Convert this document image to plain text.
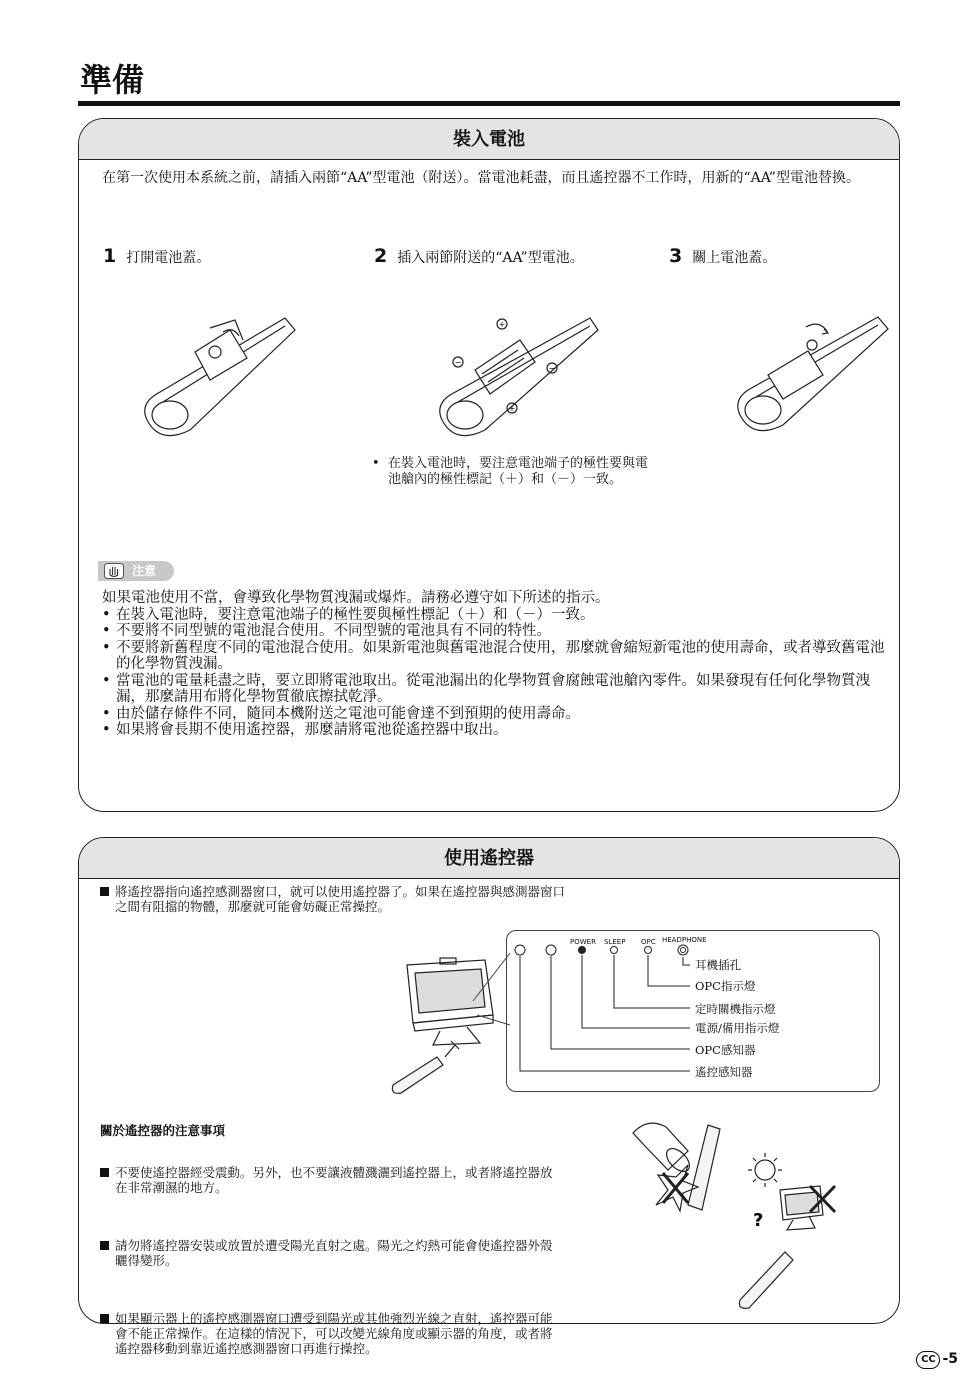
準備
裝入電池
在第一次使用本系統之前，請插入兩節“AA”型電池（附送）。當電池耗盡，而且遙控器不工作時，用新的“AA”型電池替換。
1 打開電池蓋。	2 插入兩節附送的“AA”型電池。	3 關上電池蓋。
+
−
−
+
• 在裝入電池時，要注意電池端子的極性要與電池艙內的極性標記（＋）和（－）一致。
注意
如果電池使用不當，會導致化學物質洩漏或爆炸。請務必遵守如下所述的指示。
• 在裝入電池時，要注意電池端子的極性要與極性標記（＋）和（－）一致。
• 不要將不同型號的電池混合使用。不同型號的電池具有不同的特性。
• 不要將新舊程度不同的電池混合使用。如果新電池與舊電池混合使用，那麼就會縮短新電池的使用壽命，或者導致舊電池的化學物質洩漏。
• 當電池的電量耗盡之時，要立即將電池取出。從電池漏出的化學物質會腐蝕電池艙內零件。如果發現有任何化學物質洩漏，那麼請用布將化學物質徹底擦拭乾淨。
• 由於儲存條件不同，隨同本機附送之電池可能會達不到預期的使用壽命。
• 如果將會長期不使用遙控器，那麼請將電池從遙控器中取出。
使用遙控器
將遙控器指向遙控感測器窗口，就可以使用遙控器了。如果在遙控器與感測器窗口之間有阻擋的物體，那麼就可能會妨礙正常操控。
POWER SLEEP OPC HEADPHONE
耳機插孔
OPC指示燈
定時關機指示燈
電源/備用指示燈
OPC感知器
遙控感知器
關於遙控器的注意事項
不要使遙控器經受震動。另外，也不要讓液體濺灑到遙控器上，或者將遙控器放在非常潮濕的地方。
請勿將遙控器安裝或放置於遭受陽光直射之處。陽光之灼熱可能會使遙控器外殼曬得變形。
如果顯示器上的遙控感測器窗口遭受到陽光或其他強烈光線之直射，遙控器可能會不能正常操作。在這樣的情況下，可以改變光線角度或顯示器的角度，或者將遙控器移動到靠近遙控感測器窗口再進行操控。
?
CC -5
